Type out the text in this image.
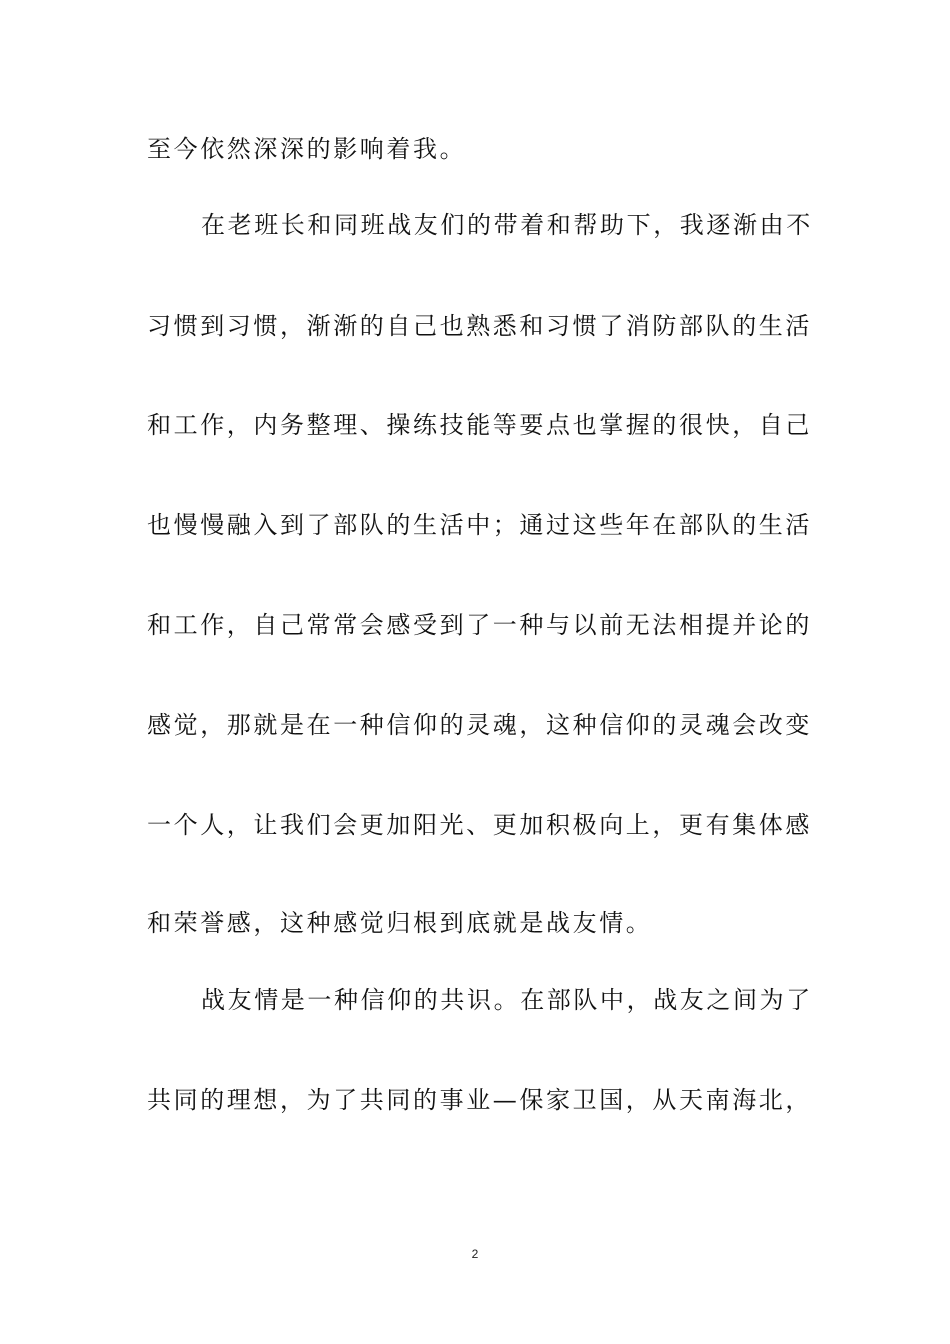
至今依然深深的影响着我。
在老班长和同班战友们的带着和帮助下，我逐渐由不
习惯到习惯，渐渐的自己也熟悉和习惯了消防部队的生活
和工作，内务整理、操练技能等要点也掌握的很快，自己
也慢慢融入到了部队的生活中；通过这些年在部队的生活
和工作，自己常常会感受到了一种与以前无法相提并论的
感觉，那就是在一种信仰的灵魂，这种信仰的灵魂会改变
一个人，让我们会更加阳光、更加积极向上，更有集体感
和荣誉感，这种感觉归根到底就是战友情。
战友情是一种信仰的共识。在部队中，战友之间为了
共同的理想，为了共同的事业—保家卫国，从天南海北，
2
